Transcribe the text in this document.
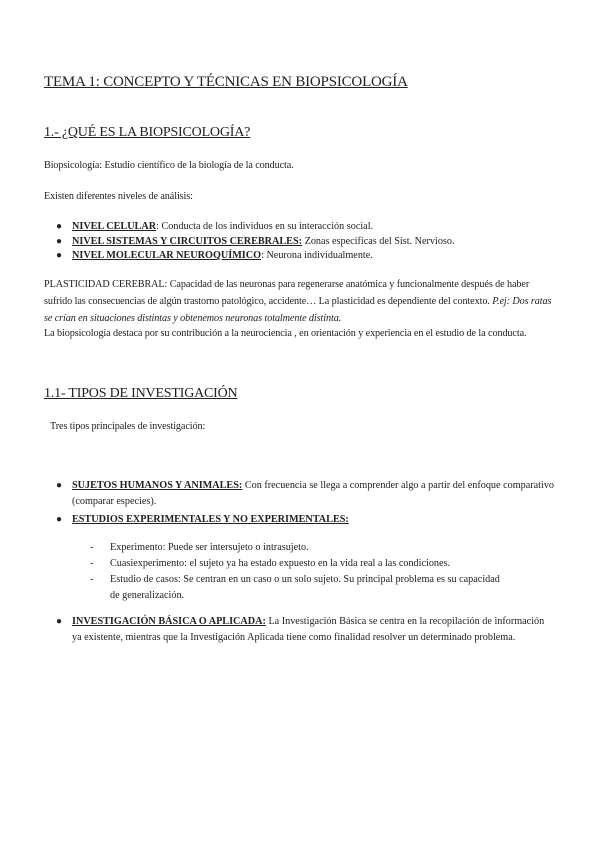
TEMA 1: CONCEPTO Y TÉCNICAS EN BIOPSICOLOGÍA
1.- ¿QUÉ ES LA BIOPSICOLOGÍA?
Biopsicología: Estudio científico de la biología de la conducta.
Existen diferentes niveles de análisis:
● NIVEL CELULAR: Conducta de los individuos en su interacción social.
● NIVEL SISTEMAS Y CIRCUITOS CEREBRALES: Zonas específicas del Sist. Nervioso.
● NIVEL MOLECULAR NEUROQUÍMICO: Neurona individualmente.
PLASTICIDAD CEREBRAL: Capacidad de las neuronas para regenerarse anatómica y funcionalmente después de haber sufrido las consecuencias de algún trastorno patológico, accidente… La plasticidad es dependiente del contexto. P.ej: Dos ratas se crían en situaciones distintas y obtenemos neuronas totalmente distinta.
La biopsicología destaca por su contribución a la neurociencia , en orientación y experiencia en el estudio de la conducta.
1.1- TIPOS DE INVESTIGACIÓN
Tres tipos principales de investigación:
● SUJETOS HUMANOS Y ANIMALES: Con frecuencia se llega a comprender algo a partir del enfoque comparativo (comparar especies).
● ESTUDIOS EXPERIMENTALES Y NO EXPERIMENTALES:
- Experimento: Puede ser intersujeto o intrasujeto.
- Cuasiexperimento: el sujeto ya ha estado expuesto en la vida real a las condiciones.
- Estudio de casos: Se centran en un caso o un solo sujeto. Su principal problema es su capacidad de generalización.
● INVESTIGACIÓN BÁSICA O APLICADA: La Investigación Básica se centra en la recopilación de información ya existente, mientras que la Investigación Aplicada tiene como finalidad resolver un determinado problema.
